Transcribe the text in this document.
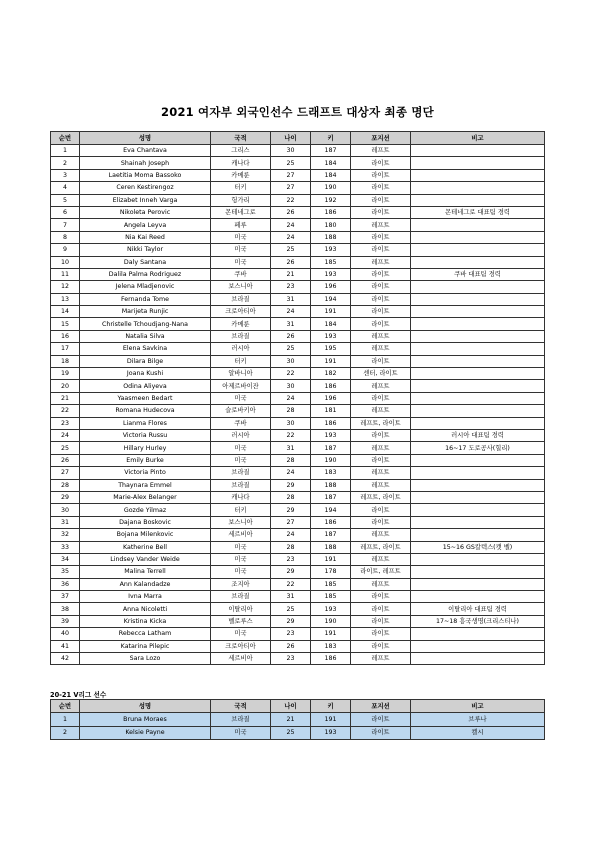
2021 여자부 외국인선수 드래프트 대상자 최종 명단
순번	성명	국적	나이	키	포지션	비고
1	Eva Chantava	그리스	30	187	레프트	
2	Shainah Joseph	캐나다	25	184	라이트	
3	Laetitia Moma Bassoko	카메룬	27	184	라이트	
4	Ceren Kestirengoz	터키	27	190	라이트	
5	Elizabet Inneh Varga	헝가리	22	192	라이트	
6	Nikoleta Perovic	몬테네그로	26	186	라이트	몬테네그로 대표팀 경력
7	Angela Leyva	페루	24	180	레프트	
8	Nia Kai Reed	미국	24	188	라이트	
9	Nikki Taylor	미국	25	193	라이트	
10	Daly Santana	미국	26	185	레프트	
11	Dalila Palma Rodriguez	쿠바	21	193	라이트	쿠바 대표팀 경력
12	Jelena Mladjenovic	보스니아	23	196	라이트	
13	Fernanda Tome	브라질	31	194	라이트	
14	Marijeta Runjic	크로아티아	24	191	라이트	
15	Christelle Tchoudjang-Nana	카메룬	31	184	라이트	
16	Natalia Silva	브라질	26	193	레프트	
17	Elena Savkina	러시아	25	195	레프트	
18	Dilara Bilge	터키	30	191	라이트	
19	Joana Kushi	알바니아	22	182	센터, 라이트	
20	Odina Aliyeva	아제르바이잔	30	186	레프트	
21	Yaasmeen Bedart	미국	24	196	라이트	
22	Romana Hudecova	슬로바키아	28	181	레프트	
23	Lianma Flores	쿠바	30	186	레프트, 라이트	
24	Victoria Russu	러시아	22	193	라이트	러시아 대표팀 경력
25	Hillary Hurley	미국	31	187	레프트	16~17 도로공사(힐리)
26	Emily Burke	미국	28	190	라이트	
27	Victoria Pinto	브라질	24	183	레프트	
28	Thaynara Emmel	브라질	29	188	레프트	
29	Marie-Alex Belanger	캐나다	28	187	레프트, 라이트	
30	Gozde Yilmaz	터키	29	194	라이트	
31	Dajana Boskovic	보스니아	27	186	라이트	
32	Bojana Milenkovic	세르비아	24	187	레프트	
33	Katherine Bell	미국	28	188	레프트, 라이트	15~16 GS칼텍스(캣 벨)
34	Lindsey Vander Weide	미국	23	191	레프트	
35	Malina Terrell	미국	29	178	라이트, 레프트	
36	Ann Kalandadze	조지아	22	185	레프트	
37	Ivna Marra	브라질	31	185	라이트	
38	Anna Nicoletti	이탈리아	25	193	라이트	이탈리아 대표팀 경력
39	Kristina Kicka	벨로루스	29	190	라이트	17~18 흥국생명(크리스티나)
40	Rebecca Latham	미국	23	191	라이트	
41	Katarina Pilepic	크로아티아	26	183	라이트	
42	Sara Lozo	세르비아	23	186	레프트	
20-21 V리그 선수
순번	성명	국적	나이	키	포지션	비고
1	Bruna Moraes	브라질	21	191	라이트	브루나
2	Kelsie Payne	미국	25	193	라이트	켈시
